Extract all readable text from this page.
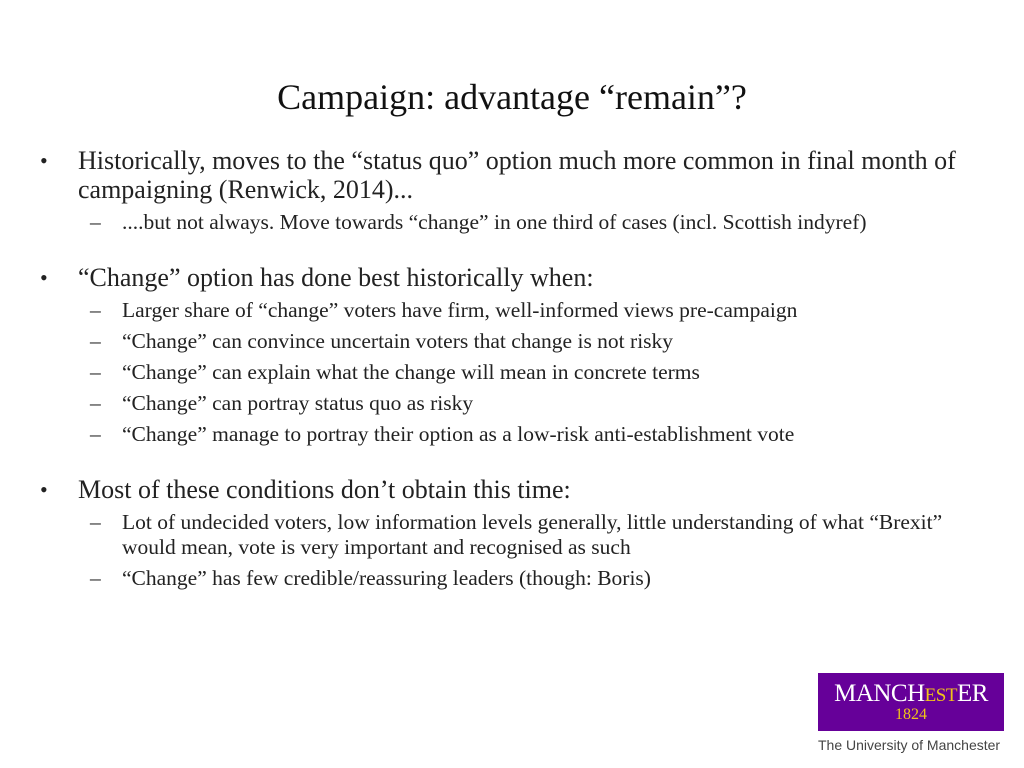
Campaign: advantage “remain”?
• Historically, moves to the “status quo” option much more common in final month of campaigning (Renwick, 2014)...
– ....but not always. Move towards “change” in one third of cases (incl. Scottish indyref)
• “Change” option has done best historically when:
– Larger share of “change” voters have firm, well-informed views pre-campaign
– “Change” can convince uncertain voters that change is not risky
– “Change” can explain what the change will mean in concrete terms
– “Change” can portray status quo as risky
– “Change” manage to portray their option as a low-risk anti-establishment vote
• Most of these conditions don’t obtain this time:
– Lot of undecided voters, low information levels generally, little understanding of what “Brexit” would mean, vote is very important and recognised as such
– “Change” has few credible/reassuring leaders (though: Boris)
MANCHESTER
1824
The University of Manchester
